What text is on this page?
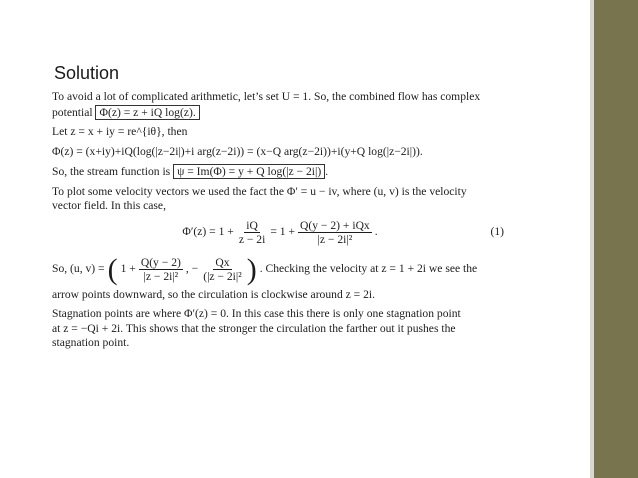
Solution

To avoid a lot of complicated arithmetic, let’s set U = 1. So, the combined flow has complex

potential Φ(z) = z + iQ log(z).

Let z = x + iy = re^{iθ}, then

Φ(z) = (x+iy)+iQ(log(|z−2i|)+i arg(z−2i)) = (x−Q arg(z−2i))+i(y+Q log(|z−2i|)).

So, the stream function is ψ = Im(Φ) = y + Q log(|z − 2i|) .

To plot some velocity vectors we used the fact the Φ′ = u − iv, where (u, v) is the velocity

vector field. In this case,

$\Phi'(z) = 1 + \frac{iQ}{z - 2i} = 1 + \frac{\text{Q(y − 2) + iQx}}{\text{|z − 2i|²}}$ .	(1)
So, (u, v) = ( $1 + \frac{Q(y - 2)}{\text{|z − 2i|²}}$ , − $\frac{Qx}{\text{(|z − 2i|²}}$ ) . Checking the velocity at z = 1 + 2i we see the

arrow points downward, so the circulation is clockwise around z = 2i.

Stagnation points are where Φ′(z) = 0. In this case this there is only one stagnation point

at z = −Qi + 2i. This shows that the stronger the circulation the farther out it pushes the

stagnation point.
